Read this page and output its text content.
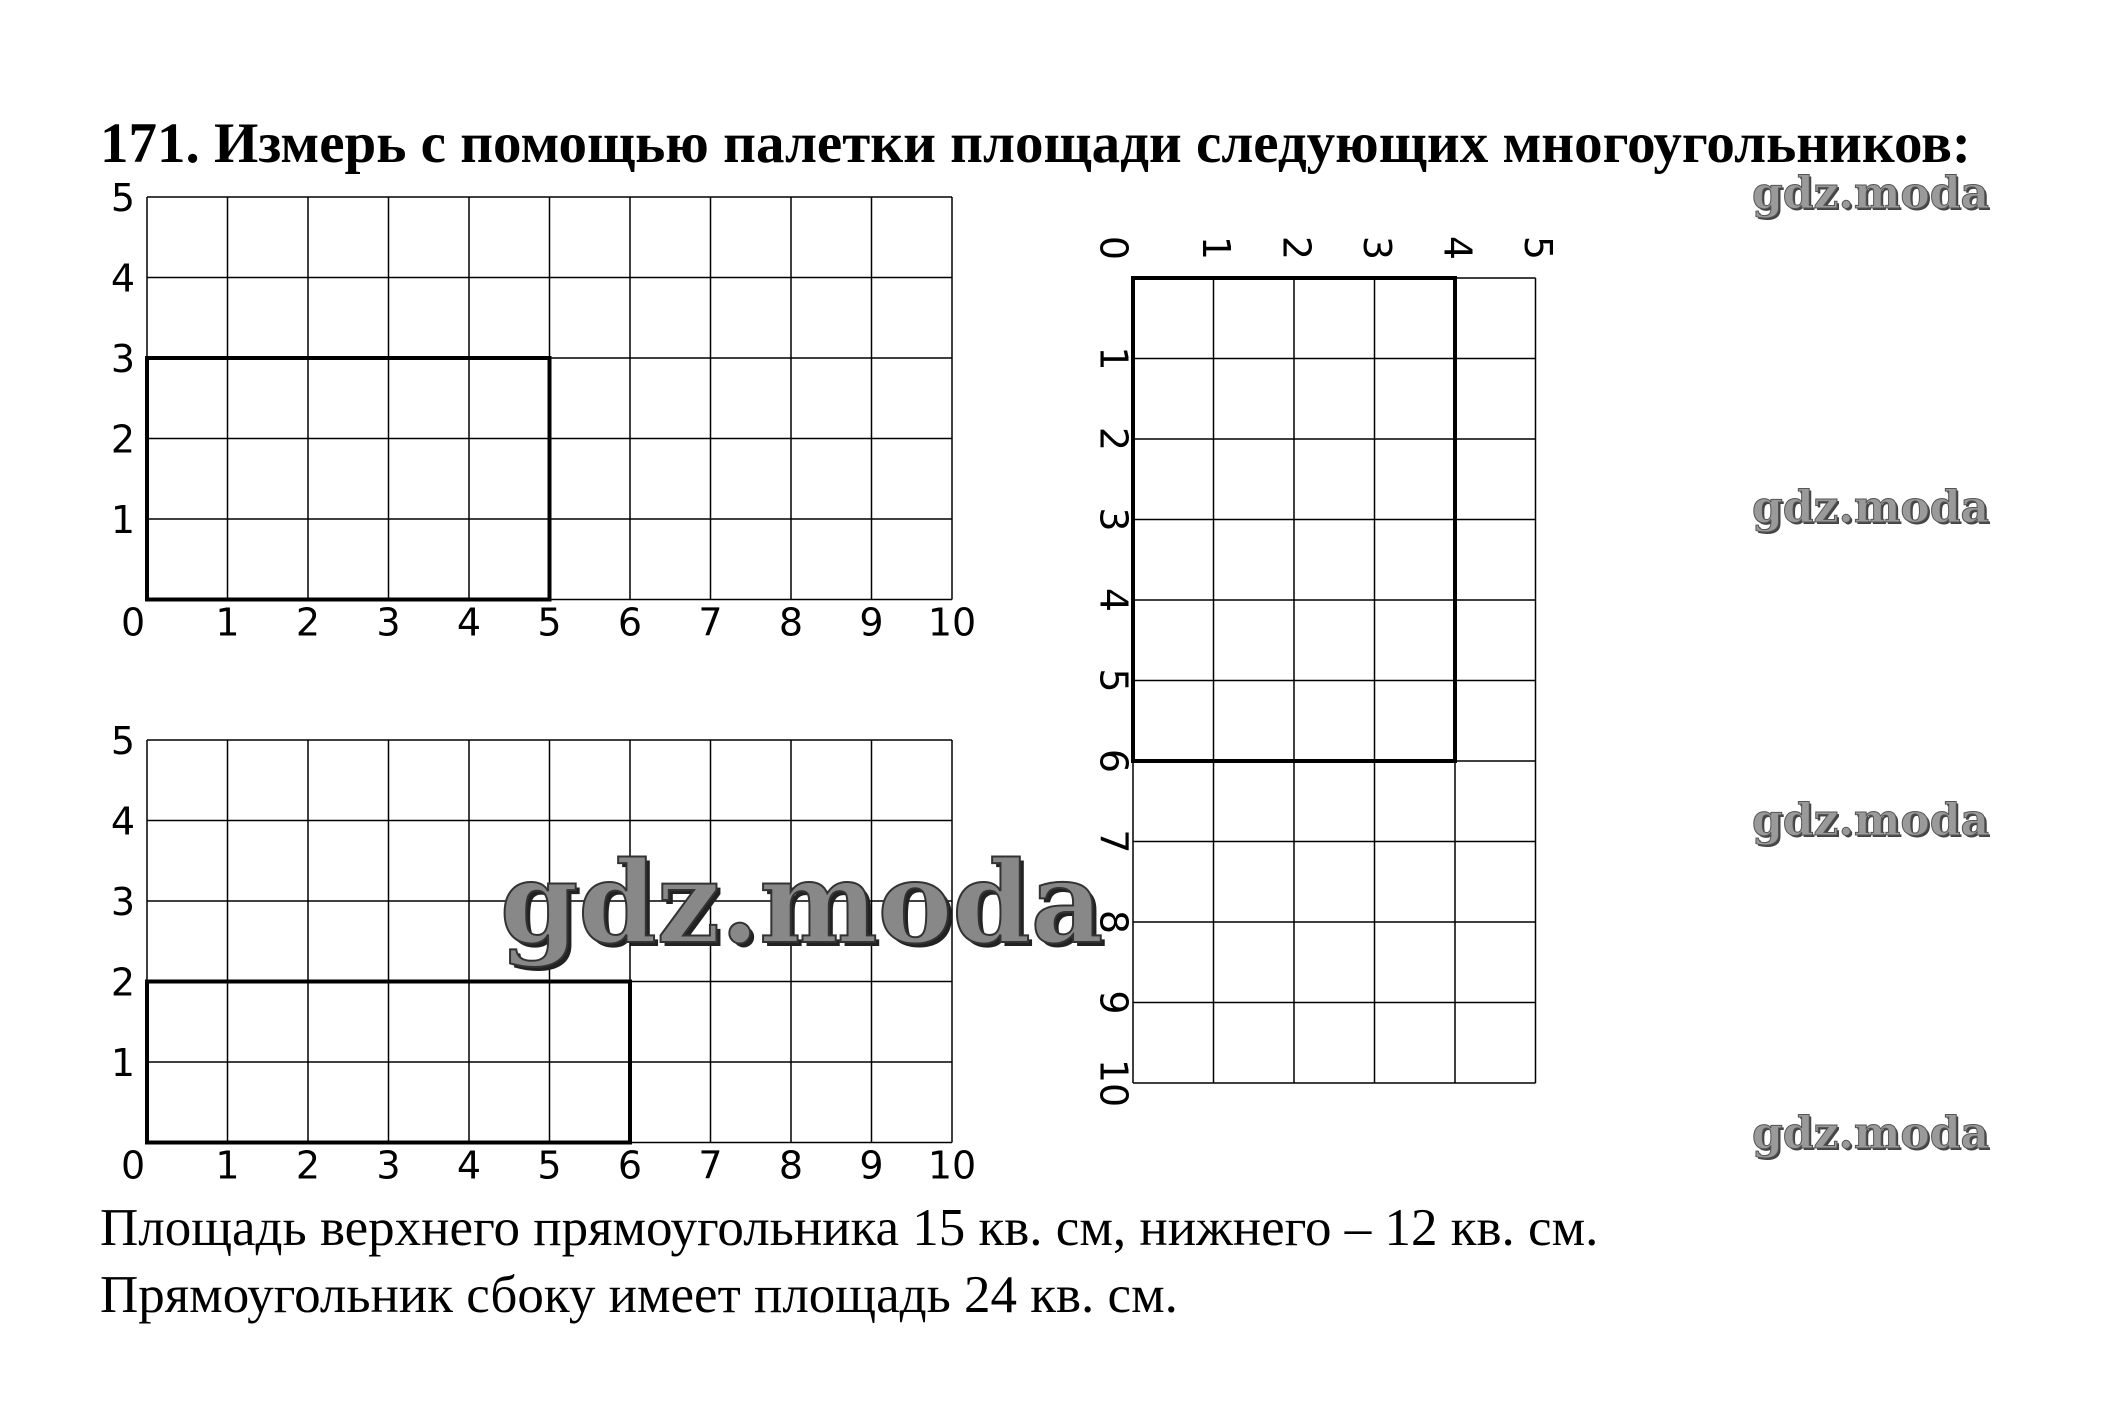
171. Измерь с помощью палетки площади следующих многоугольников:
0 1 2 3 4 5 6 7 8 9 10
1
2
3
4
5
0 1 2 3 4 5 6 7 8 9 10
1
2
3
4
5
1 2 3 4 5
0
1
2
3
4
5
6
7
8
9
10
Площадь верхнего прямоугольника 15 кв. см, нижнего – 12 кв. см.
Прямоугольник сбоку имеет площадь 24 кв. см.
gdz.moda
gdz.moda
gdz.moda
gdz.moda
gdz.moda
